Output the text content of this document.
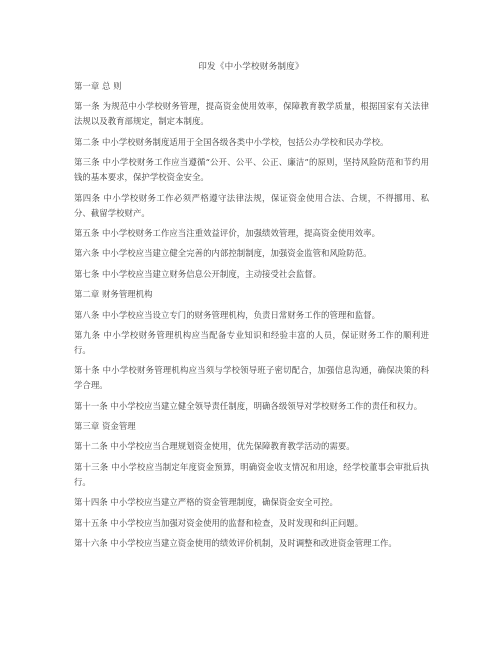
印发《中小学校财务制度》

第一章 总 则

第一条 为规范中小学校财务管理，提高资金使用效率，保障教育教学质量，根据国家有关法律法规以及教育部规定，制定本制度。

第二条 中小学校财务制度适用于全国各级各类中小学校，包括公办学校和民办学校。

第三条 中小学校财务工作应当遵循“公开、公平、公正、廉洁”的原则，坚持风险防范和节约用钱的基本要求，保护学校资金安全。

第四条 中小学校财务工作必须严格遵守法律法规，保证资金使用合法、合规，不得挪用、私分、截留学校财产。

第五条 中小学校财务工作应当注重效益评价，加强绩效管理，提高资金使用效率。

第六条 中小学校应当建立健全完善的内部控制制度，加强资金监管和风险防范。

第七条 中小学校应当建立财务信息公开制度，主动接受社会监督。

第二章 财务管理机构

第八条 中小学校应当设立专门的财务管理机构，负责日常财务工作的管理和监督。

第九条 中小学校财务管理机构应当配备专业知识和经验丰富的人员，保证财务工作的顺利进行。

第十条 中小学校财务管理机构应当须与学校领导班子密切配合，加强信息沟通，确保决策的科学合理。

第十一条 中小学校应当建立健全领导责任制度，明确各级领导对学校财务工作的责任和权力。

第三章 资金管理

第十二条 中小学校应当合理规划资金使用，优先保障教育教学活动的需要。

第十三条 中小学校应当制定年度资金预算，明确资金收支情况和用途，经学校董事会审批后执行。

第十四条 中小学校应当建立严格的资金管理制度，确保资金安全可控。

第十五条 中小学校应当加强对资金使用的监督和检查，及时发现和纠正问题。

第十六条 中小学校应当建立资金使用的绩效评价机制，及时调整和改进资金管理工作。
